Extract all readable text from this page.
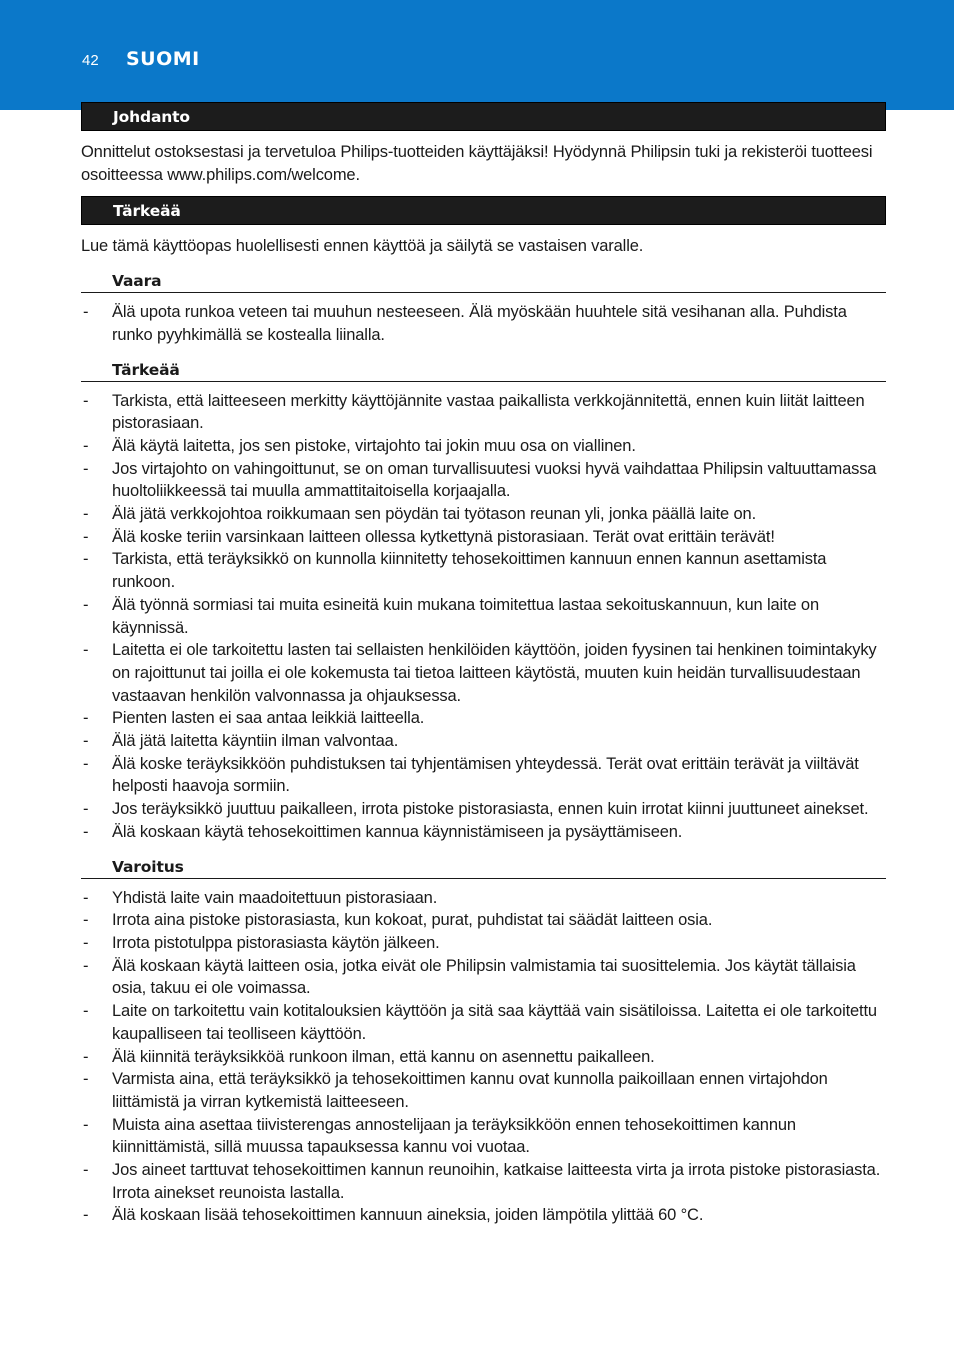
42 SUOMI
Johdanto

Onnittelut ostoksestasi ja tervetuloa Philips-tuotteiden käyttäjäksi! Hyödynnä Philipsin tuki ja rekisteröi tuotteesi osoitteessa www.philips.com/welcome.

Tärkeää

Lue tämä käyttöopas huolellisesti ennen käyttöä ja säilytä se vastaisen varalle.

Vaara
- Älä upota runkoa veteen tai muuhun nesteeseen. Älä myöskään huuhtele sitä vesihanan alla. Puhdista runko pyyhkimällä se kostealla liinalla.
Tärkeää
- Tarkista, että laitteeseen merkitty käyttöjännite vastaa paikallista verkkojännitettä, ennen kuin liität laitteen pistorasiaan.
- Älä käytä laitetta, jos sen pistoke, virtajohto tai jokin muu osa on viallinen.
- Jos virtajohto on vahingoittunut, se on oman turvallisuutesi vuoksi hyvä vaihdattaa Philipsin valtuuttamassa huoltoliikkeessä tai muulla ammattitaitoisella korjaajalla.
- Älä jätä verkkojohtoa roikkumaan sen pöydän tai työtason reunan yli, jonka päällä laite on.
- Älä koske teriin varsinkaan laitteen ollessa kytkettynä pistorasiaan. Terät ovat erittäin terävät!
- Tarkista, että teräyksikkö on kunnolla kiinnitetty tehosekoittimen kannuun ennen kannun asettamista runkoon.
- Älä työnnä sormiasi tai muita esineitä kuin mukana toimitettua lastaa sekoituskannuun, kun laite on käynnissä.
- Laitetta ei ole tarkoitettu lasten tai sellaisten henkilöiden käyttöön, joiden fyysinen tai henkinen toimintakyky on rajoittunut tai joilla ei ole kokemusta tai tietoa laitteen käytöstä, muuten kuin heidän turvallisuudestaan vastaavan henkilön valvonnassa ja ohjauksessa.
- Pienten lasten ei saa antaa leikkiä laitteella.
- Älä jätä laitetta käyntiin ilman valvontaa.
- Älä koske teräyksikköön puhdistuksen tai tyhjentämisen yhteydessä. Terät ovat erittäin terävät ja viiltävät helposti haavoja sormiin.
- Jos teräyksikkö juuttuu paikalleen, irrota pistoke pistorasiasta, ennen kuin irrotat kiinni juuttuneet ainekset.
- Älä koskaan käytä tehosekoittimen kannua käynnistämiseen ja pysäyttämiseen.
Varoitus
- Yhdistä laite vain maadoitettuun pistorasiaan.
- Irrota aina pistoke pistorasiasta, kun kokoat, purat, puhdistat tai säädät laitteen osia.
- Irrota pistotulppa pistorasiasta käytön jälkeen.
- Älä koskaan käytä laitteen osia, jotka eivät ole Philipsin valmistamia tai suosittelemia. Jos käytät tällaisia osia, takuu ei ole voimassa.
- Laite on tarkoitettu vain kotitalouksien käyttöön ja sitä saa käyttää vain sisätiloissa. Laitetta ei ole tarkoitettu kaupalliseen tai teolliseen käyttöön.
- Älä kiinnitä teräyksikköä runkoon ilman, että kannu on asennettu paikalleen.
- Varmista aina, että teräyksikkö ja tehosekoittimen kannu ovat kunnolla paikoillaan ennen virtajohdon liittämistä ja virran kytkemistä laitteeseen.
- Muista aina asettaa tiivisterengas annostelijaan ja teräyksikköön ennen tehosekoittimen kannun kiinnittämistä, sillä muussa tapauksessa kannu voi vuotaa.
- Jos aineet tarttuvat tehosekoittimen kannun reunoihin, katkaise laitteesta virta ja irrota pistoke pistorasiasta. Irrota ainekset reunoista lastalla.
- Älä koskaan lisää tehosekoittimen kannuun aineksia, joiden lämpötila ylittää 60 °C.
